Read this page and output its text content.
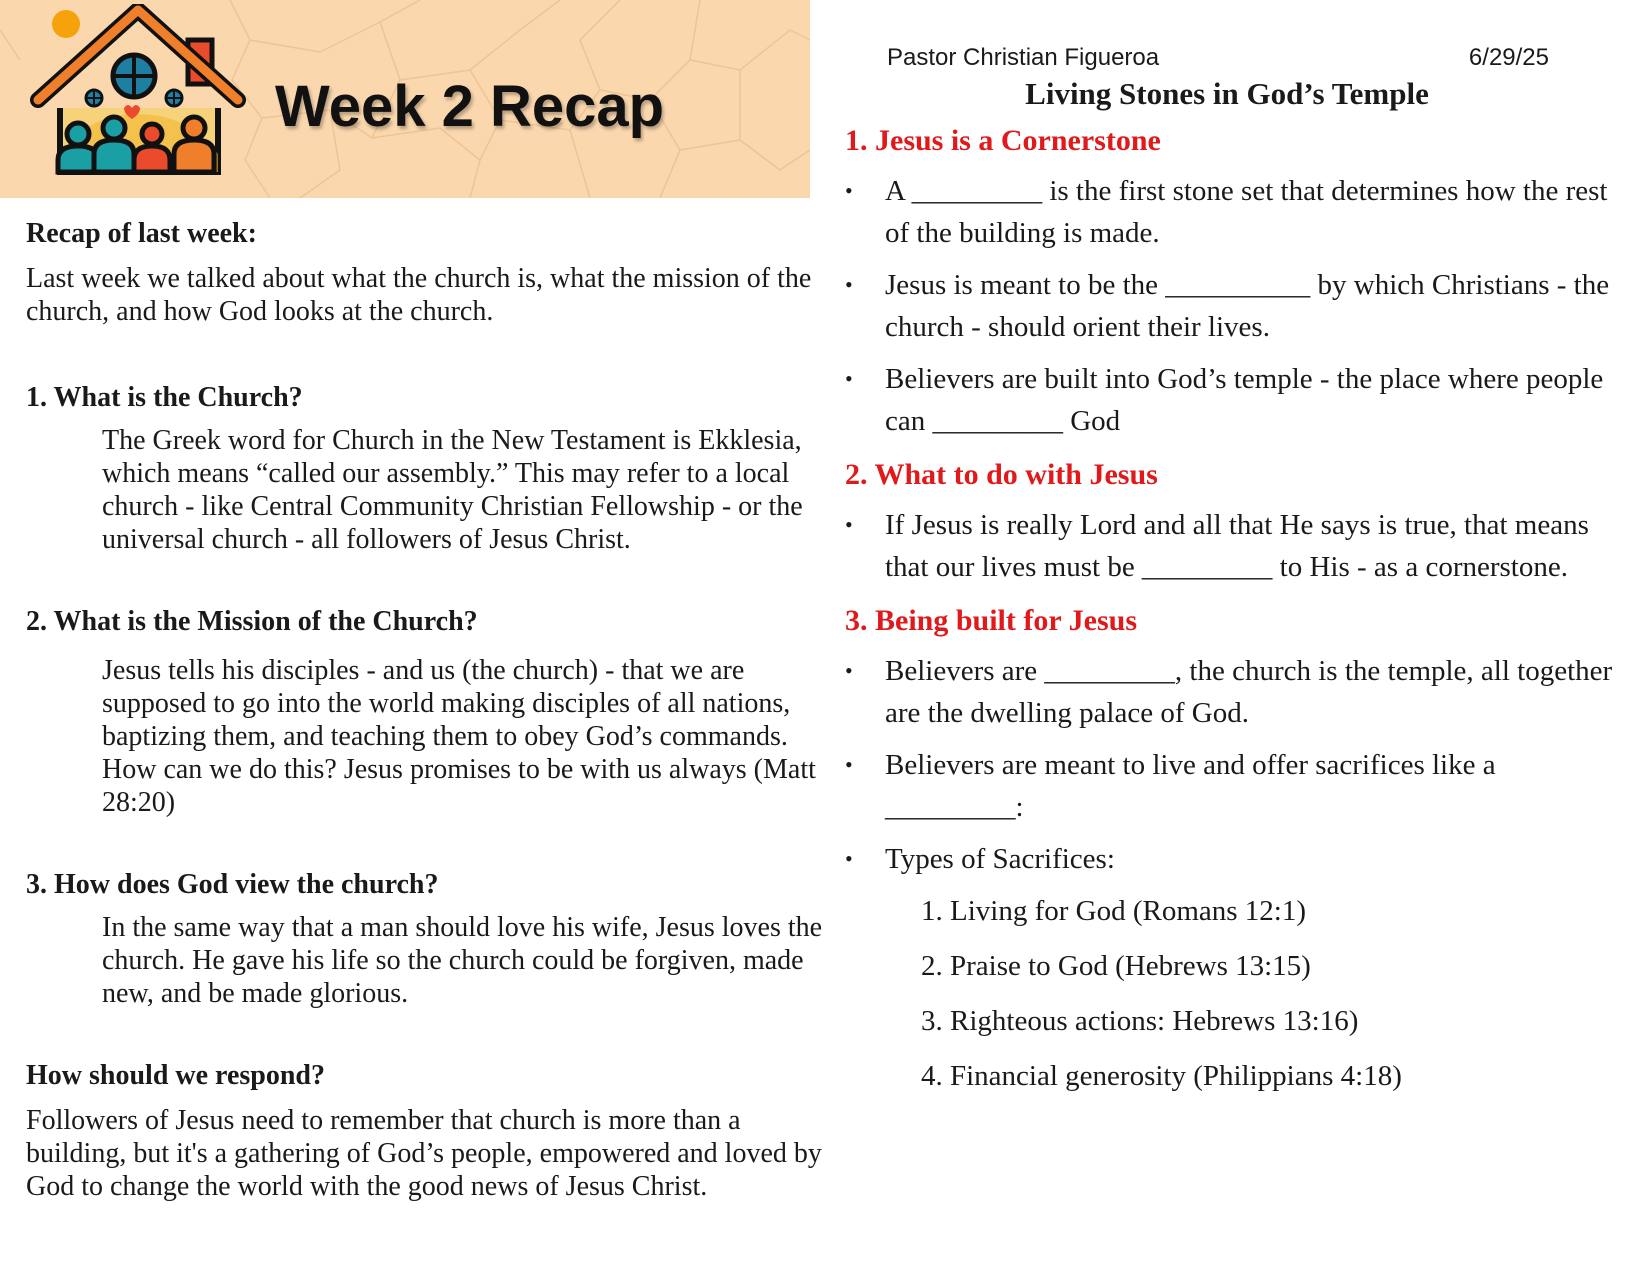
Week 2 Recap
Recap of last week:

Last week we talked about what the church is, what the mission of the church, and how God looks at the church.

1. What is the Church?

The Greek word for Church in the New Testament is Ekklesia, which means “called our assembly.” This may refer to a local church - like Central Community Christian Fellowship - or the universal church - all followers of Jesus Christ.

2. What is the Mission of the Church?

Jesus tells his disciples - and us (the church) - that we are supposed to go into the world making disciples of all nations, baptizing them, and teaching them to obey God’s commands. How can we do this? Jesus promises to be with us always (Matt 28:20)

3. How does God view the church?

In the same way that a man should love his wife, Jesus loves the church. He gave his life so the church could be forgiven, made new, and be made glorious.

How should we respond?

Followers of Jesus need to remember that church is more than a building, but it's a gathering of God’s people, empowered and loved by God to change the world with the good news of Jesus Christ.

Pastor Christian Figueroa	6/29/25
Living Stones in God’s Temple
1. Jesus is a Cornerstone
• A _________ is the first stone set that determines how the rest of the building is made.
• Jesus is meant to be the __________ by which Christians - the church - should orient their lives.
• Believers are built into God’s temple - the place where people can _________ God
2. What to do with Jesus
• If Jesus is really Lord and all that He says is true, that means that our lives must be _________ to His - as a cornerstone.
3. Being built for Jesus
• Believers are _________, the church is the temple, all together are the dwelling palace of God.
• Believers are meant to live and offer sacrifices like a _________:
• Types of Sacrifices:
1. Living for God (Romans 12:1)
2. Praise to God (Hebrews 13:15)
3. Righteous actions: Hebrews 13:16)
4. Financial generosity (Philippians 4:18)
